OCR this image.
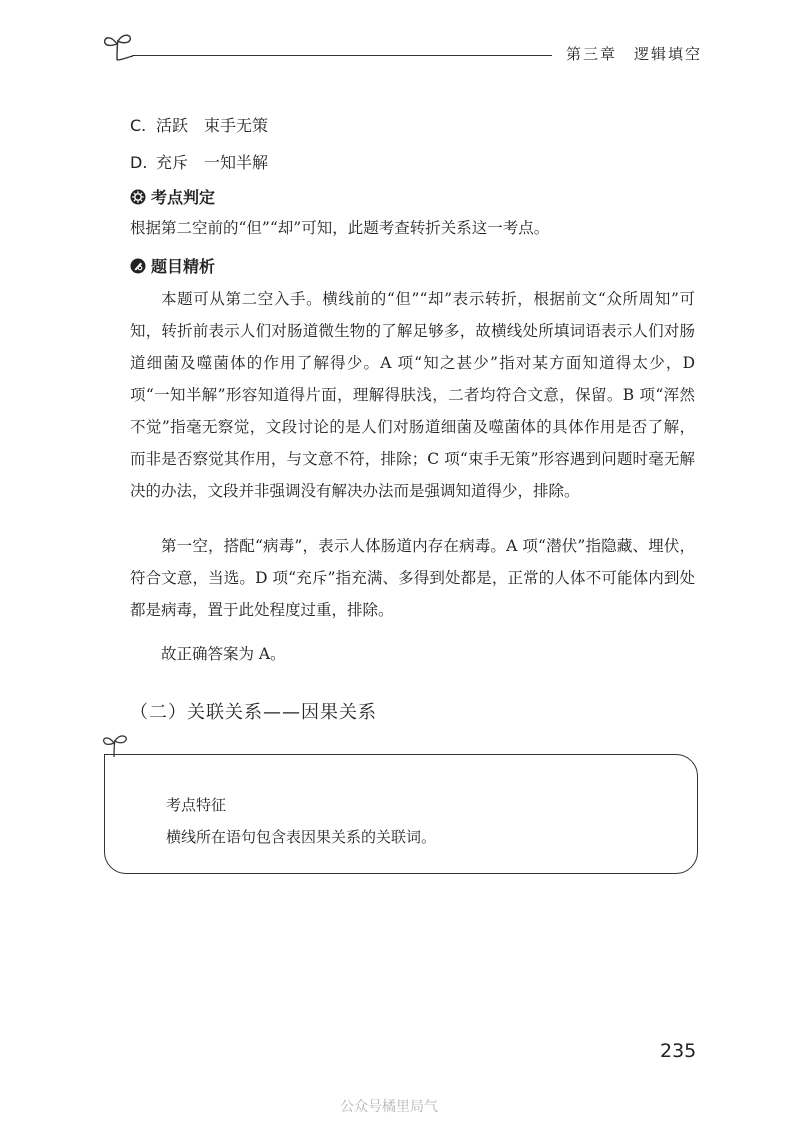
第三章　逻辑填空
C. 活跃　束手无策
D. 充斥　一知半解
考点判定
根据第二空前的“但”“却”可知，此题考查转折关系这一考点。
题目精析
本题可从第二空入手。横线前的“但”“却”表示转折，根据前文“众所周知”可知，转折前表示人们对肠道微生物的了解足够多，故横线处所填词语表示人们对肠道细菌及噬菌体的作用了解得少。A 项“知之甚少”指对某方面知道得太少，D 项“一知半解”形容知道得片面，理解得肤浅，二者均符合文意，保留。B 项“浑然不觉”指毫无察觉，文段讨论的是人们对肠道细菌及噬菌体的具体作用是否了解，而非是否察觉其作用，与文意不符，排除；C 项“束手无策”形容遇到问题时毫无解决的办法，文段并非强调没有解决办法而是强调知道得少，排除。
第一空，搭配“病毒”，表示人体肠道内存在病毒。A 项“潜伏”指隐藏、埋伏，符合文意，当选。D 项“充斥”指充满、多得到处都是，正常的人体不可能体内到处都是病毒，置于此处程度过重，排除。
故正确答案为 A。
（二）关联关系——因果关系
考点特征
横线所在语句包含表因果关系的关联词。
235
公众号橘里局气
